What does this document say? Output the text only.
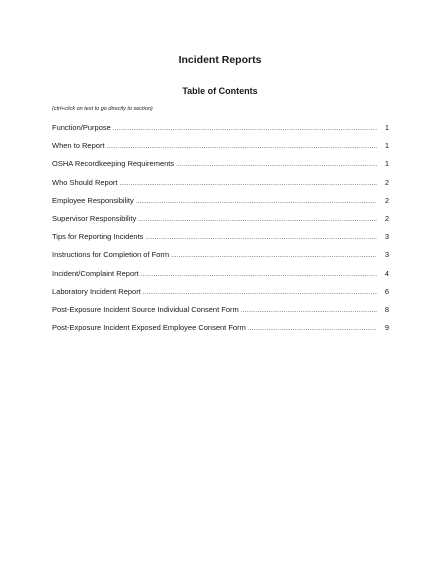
Incident Reports
Table of Contents
(ctrl+click on text to go directly to section)
Function/Purpose .....	1
When to Report .....	1
OSHA Recordkeeping Requirements .....	1
Who Should Report .....	2
Employee Responsibility .....	2
Supervisor Responsibility .....	2
Tips for Reporting Incidents .....	3
Instructions for Completion of Form .....	3
Incident/Complaint Report .....	4
Laboratory Incident Report .....	6
Post-Exposure Incident Source Individual Consent Form .....	8
Post-Exposure Incident Exposed Employee Consent Form .....	9
